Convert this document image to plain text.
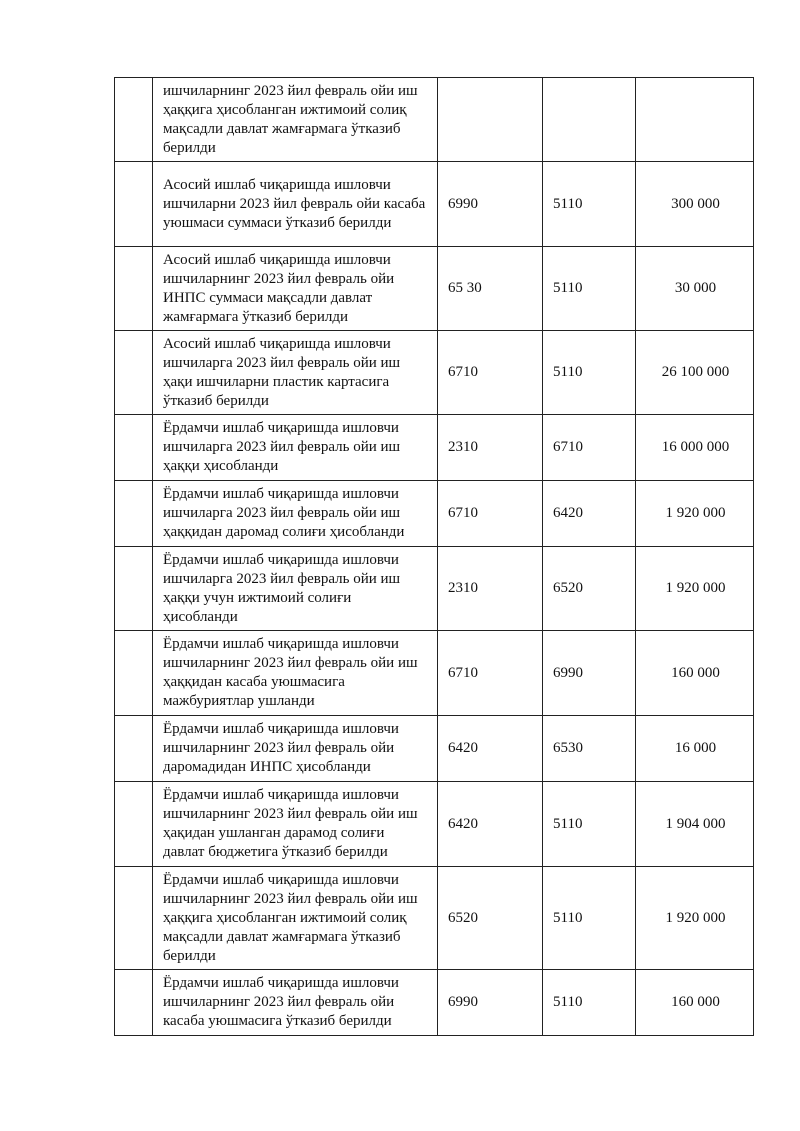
	ишчиларнинг 2023 йил февраль ойи иш ҳаққига ҳисобланган ижтимоий солиқ мақсадли давлат жамғармага ўтказиб берилди			
	Асосий ишлаб чиқаришда ишловчи ишчиларни 2023 йил февраль ойи касаба уюшмаси суммаси ўтказиб берилди	6990	5110	300 000
	Асосий ишлаб чиқаришда ишловчи ишчиларнинг 2023 йил февраль ойи ИНПС суммаси мақсадли давлат жамғармага ўтказиб берилди	65 30	5110	30 000
	Асосий ишлаб чиқаришда ишловчи ишчиларга 2023 йил февраль ойи иш ҳақи ишчиларни пластик картасига ўтказиб берилди	6710	5110	26 100 000
	Ёрдамчи ишлаб чиқаришда ишловчи ишчиларга 2023 йил февраль ойи иш ҳаққи ҳисобланди	2310	6710	16 000 000
	Ёрдамчи ишлаб чиқаришда ишловчи ишчиларга 2023 йил февраль ойи иш ҳаққидан даромад солиғи ҳисобланди	6710	6420	1 920 000
	Ёрдамчи ишлаб чиқаришда ишловчи ишчиларга 2023 йил февраль ойи иш ҳаққи учун ижтимоий солиғи ҳисобланди	2310	6520	1 920 000
	Ёрдамчи ишлаб чиқаришда ишловчи ишчиларнинг 2023 йил февраль ойи иш ҳаққидан касаба уюшмасига мажбуриятлар ушланди	6710	6990	160 000
	Ёрдамчи ишлаб чиқаришда ишловчи ишчиларнинг 2023 йил февраль ойи даромадидан ИНПС ҳисобланди	6420	6530	16 000
	Ёрдамчи ишлаб чиқаришда ишловчи ишчиларнинг 2023 йил февраль ойи иш ҳақидан ушланган дарамод солиғи давлат бюджетига ўтказиб берилди	6420	5110	1 904 000
	Ёрдамчи ишлаб чиқаришда ишловчи ишчиларнинг 2023 йил февраль ойи иш ҳаққига ҳисобланган ижтимоий солиқ мақсадли давлат жамғармага ўтказиб берилди	6520	5110	1 920 000
	Ёрдамчи ишлаб чиқаришда ишловчи ишчиларнинг 2023 йил февраль ойи касаба уюшмасига ўтказиб берилди	6990	5110	160 000
